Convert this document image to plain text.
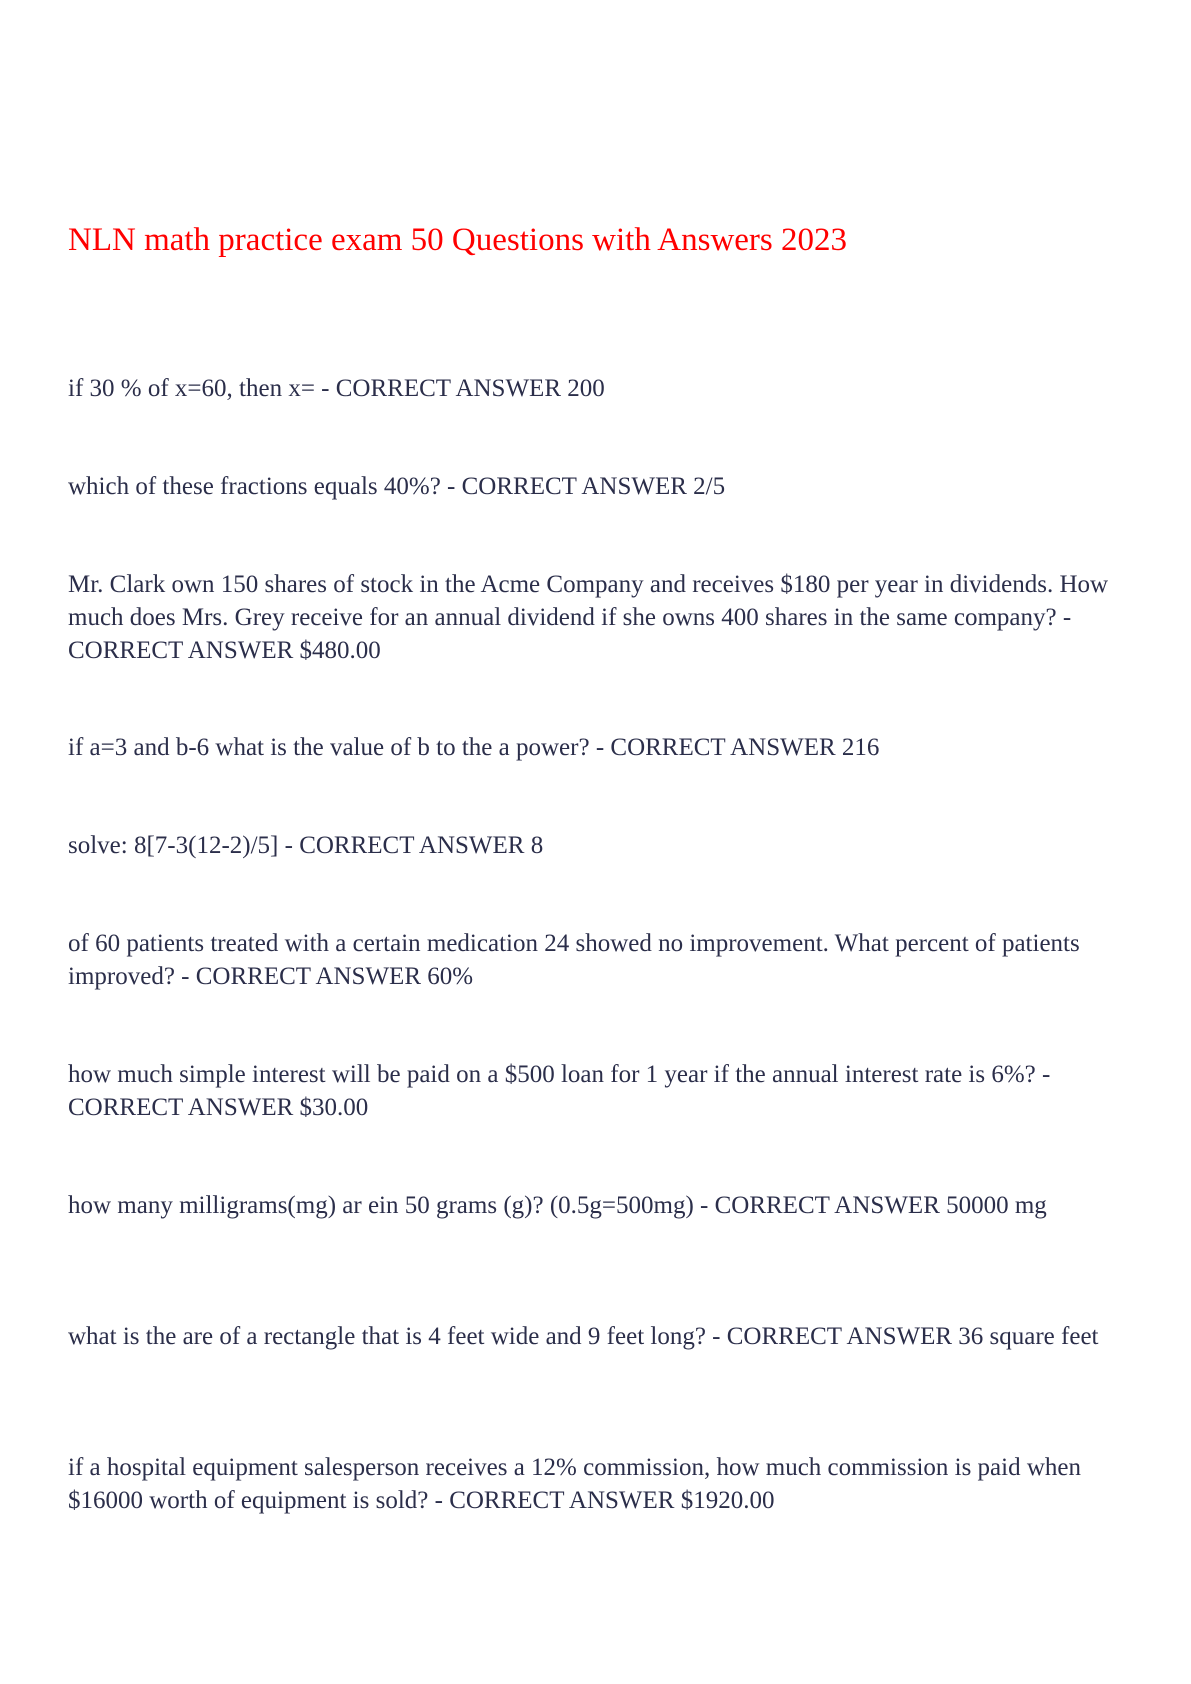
NLN math practice exam 50 Questions with Answers 2023

if 30 % of x=60, then x= - CORRECT ANSWER 200

which of these fractions equals 40%? - CORRECT ANSWER 2/5

Mr. Clark own 150 shares of stock in the Acme Company and receives $180 per year in dividends. How much does Mrs. Grey receive for an annual dividend if she owns 400 shares in the same company? - CORRECT ANSWER $480.00

if a=3 and b-6 what is the value of b to the a power? - CORRECT ANSWER 216

solve: 8[7-3(12-2)/5] - CORRECT ANSWER 8

of 60 patients treated with a certain medication 24 showed no improvement. What percent of patients improved? - CORRECT ANSWER 60%

how much simple interest will be paid on a $500 loan for 1 year if the annual interest rate is 6%? - CORRECT ANSWER $30.00

how many milligrams(mg) ar ein 50 grams (g)? (0.5g=500mg) - CORRECT ANSWER 50000 mg

what is the are of a rectangle that is 4 feet wide and 9 feet long? - CORRECT ANSWER 36 square feet

if a hospital equipment salesperson receives a 12% commission, how much commission is paid when $16000 worth of equipment is sold? - CORRECT ANSWER $1920.00
